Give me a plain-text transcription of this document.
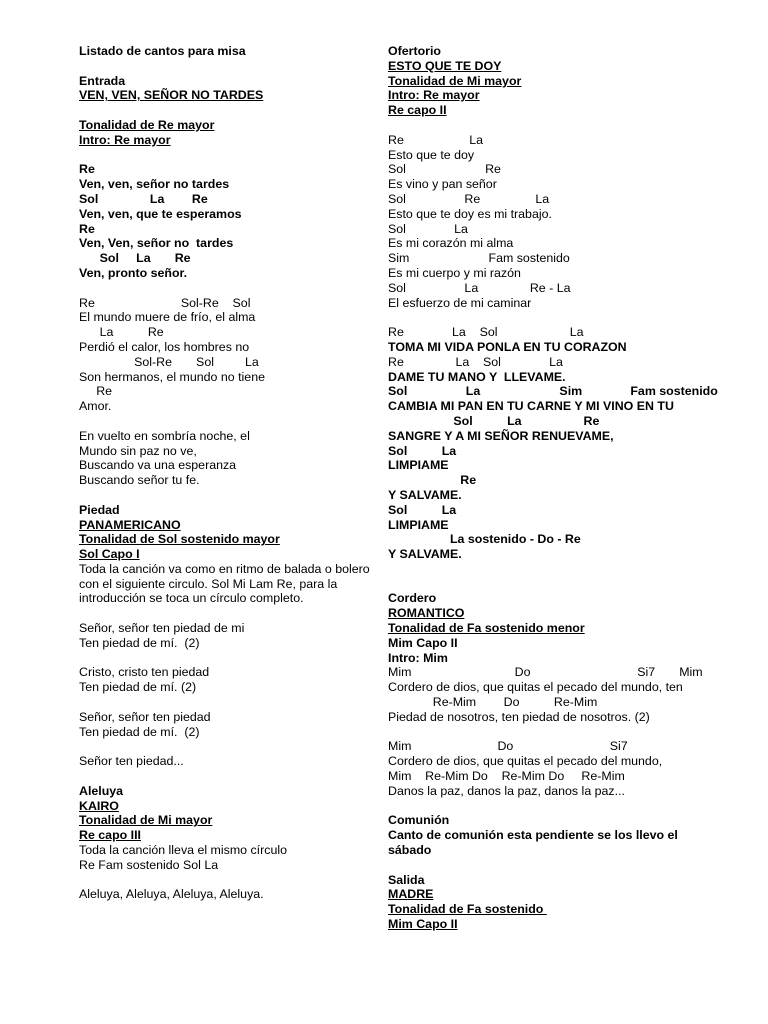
Listado de cantos para misa
Entrada
VEN, VEN, SEÑOR NO TARDES
Tonalidad de Re mayor
Intro: Re mayor
Re
Ven, ven, señor no tardes
Sol               La        Re
Ven, ven, que te esperamos
Re
Ven, Ven, señor no  tardes
Sol     La       Re
Ven, pronto señor.
Re                         Sol-Re    Sol
El mundo muere de frío, el alma
La          Re
Perdió el calor, los hombres no
Sol-Re       Sol         La
Son hermanos, el mundo no tiene
Re
Amor.
En vuelto en sombría noche, el
Mundo sin paz no ve,
Buscando va una esperanza
Buscando señor tu fe.
Piedad
PANAMERICANO
Tonalidad de Sol sostenido mayor
Sol Capo I
Toda la canción va como en ritmo de balada o bolero
con el siguiente circulo. Sol Mi Lam Re, para la
introducción se toca un círculo completo.
Señor, señor ten piedad de mi
Ten piedad de mí.  (2)
Cristo, cristo ten piedad
Ten piedad de mí. (2)
Señor, señor ten piedad
Ten piedad de mí.  (2)
Señor ten piedad...
Aleluya
KAIRO
Tonalidad de Mi mayor
Re capo III
Toda la canción lleva el mismo círculo
Re Fam sostenido Sol La
Aleluya, Aleluya, Aleluya, Aleluya.
Ofertorio
ESTO QUE TE DOY
Tonalidad de Mi mayor
Intro: Re mayor
Re capo II
Re                   La
Esto que te doy
Sol                       Re
Es vino y pan señor
Sol                 Re                La
Esto que te doy es mi trabajo.
Sol              La
Es mi corazón mi alma
Sim                       Fam sostenido
Es mi cuerpo y mi razón
Sol                 La               Re - La
El esfuerzo de mi caminar
Re              La    Sol                     La
TOMA MI VIDA PONLA EN TU CORAZON
Re               La    Sol              La
DAME TU MANO Y  LLEVAME.
Sol                 La                       Sim              Fam sostenido
CAMBIA MI PAN EN TU CARNE Y MI VINO EN TU
Sol          La                  Re
SANGRE Y A MI SEÑOR RENUEVAME,
Sol          La
LIMPIAME
Re
Y SALVAME.
Sol          La
LIMPIAME
La sostenido - Do - Re
Y SALVAME.
Cordero
ROMANTICO
Tonalidad de Fa sostenido menor
Mim Capo II
Intro: Mim
Mim                              Do                               Si7       Mim
Cordero de dios, que quitas el pecado del mundo, ten
Re-Mim        Do          Re-Mim
Piedad de nosotros, ten piedad de nosotros. (2)
Mim                         Do                            Si7
Cordero de dios, que quitas el pecado del mundo,
Mim    Re-Mim Do    Re-Mim Do     Re-Mim
Danos la paz, danos la paz, danos la paz...
Comunión
Canto de comunión esta pendiente se los llevo el
sábado
Salida
MADRE
Tonalidad de Fa sostenido
Mim Capo II
